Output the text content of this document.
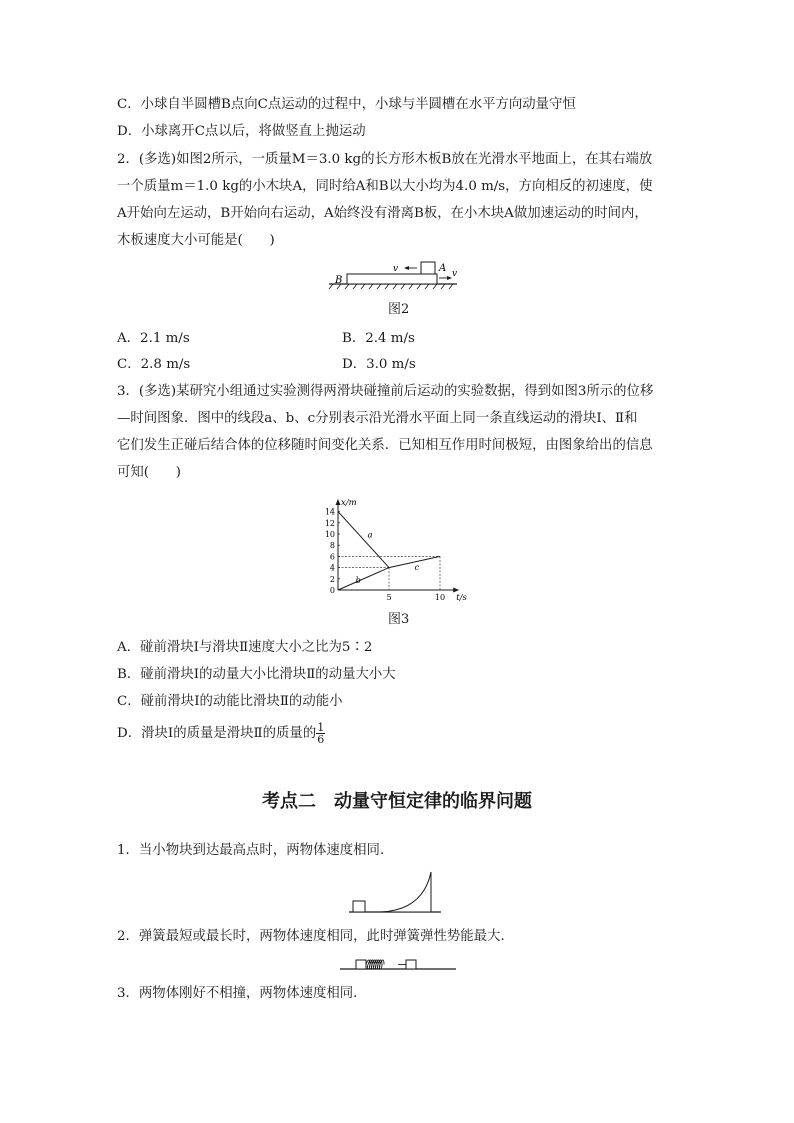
C．小球自半圆槽B点向C点运动的过程中，小球与半圆槽在水平方向动量守恒
D．小球离开C点以后，将做竖直上抛运动
2．(多选)如图2所示，一质量M＝3.0 kg的长方形木板B放在光滑水平地面上，在其右端放
一个质量m＝1.0 kg的小木块A，同时给A和B以大小均为4.0 m/s，方向相反的初速度，使
A开始向左运动，B开始向右运动，A始终没有滑离B板，在小木块A做加速运动的时间内，
木板速度大小可能是(　　)
B
A
v	v
图2
A．2.1 m/s	B．2.4 m/s
C．2.8 m/s	D．3.0 m/s
3．(多选)某研究小组通过实验测得两滑块碰撞前后运动的实验数据，得到如图3所示的位移
—时间图象．图中的线段a、b、c分别表示沿光滑水平面上同一条直线运动的滑块Ⅰ、Ⅱ和
它们发生正碰后结合体的位移随时间变化关系．已知相互作用时间极短，由图象给出的信息
可知(　　)
x/m
t/s
0
2
4
6
8
10
12
14
5	10
a
b
c
图3
A．碰前滑块Ⅰ与滑块Ⅱ速度大小之比为5∶2
B．碰前滑块Ⅰ的动量大小比滑块Ⅱ的动量大小大
C．碰前滑块Ⅰ的动能比滑块Ⅱ的动能小
D．滑块Ⅰ的质量是滑块Ⅱ的质量的 $\frac{1}{6}$
考点二　动量守恒定律的临界问题
1．当小物块到达最高点时，两物体速度相同．
2．弹簧最短或最长时，两物体速度相同，此时弹簧弹性势能最大．
3．两物体刚好不相撞，两物体速度相同．
